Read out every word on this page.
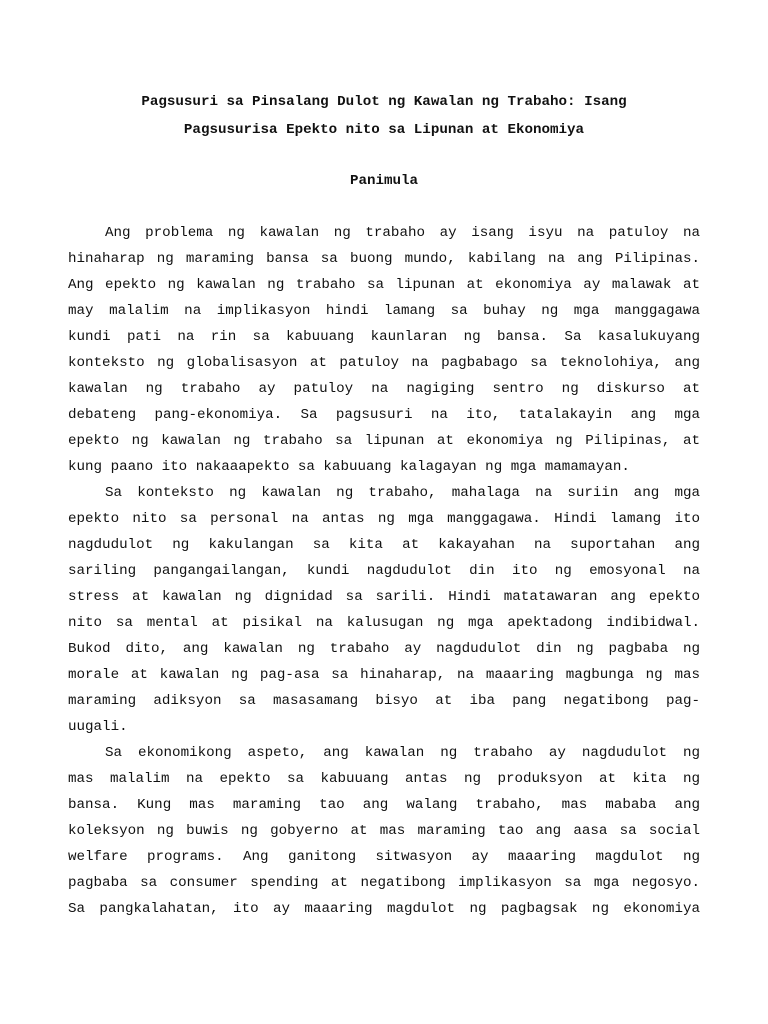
Pagsusuri sa Pinsalang Dulot ng Kawalan ng Trabaho: Isang
Pagsusurisa Epekto nito sa Lipunan at Ekonomiya
Panimula
Ang problema ng kawalan ng trabaho ay isang isyu na patuloy na
hinaharap ng maraming bansa sa buong mundo, kabilang na ang Pilipinas.
Ang epekto ng kawalan ng trabaho sa lipunan at ekonomiya ay malawak at
may malalim na implikasyon hindi lamang sa buhay ng mga manggagawa
kundi pati na rin sa kabuuang kaunlaran ng bansa. Sa kasalukuyang
konteksto ng globalisasyon at patuloy na pagbabago sa teknolohiya, ang
kawalan ng trabaho ay patuloy na nagiging sentro ng diskurso at
debateng pang-ekonomiya. Sa pagsusuri na ito, tatalakayin ang mga
epekto ng kawalan ng trabaho sa lipunan at ekonomiya ng Pilipinas, at
kung paano ito nakaaapekto sa kabuuang kalagayan ng mga mamamayan.
Sa konteksto ng kawalan ng trabaho, mahalaga na suriin ang mga
epekto nito sa personal na antas ng mga manggagawa. Hindi lamang ito
nagdudulot ng kakulangan sa kita at kakayahan na suportahan ang
sariling pangangailangan, kundi nagdudulot din ito ng emosyonal na
stress at kawalan ng dignidad sa sarili. Hindi matatawaran ang epekto
nito sa mental at pisikal na kalusugan ng mga apektadong indibidwal.
Bukod dito, ang kawalan ng trabaho ay nagdudulot din ng pagbaba ng
morale at kawalan ng pag-asa sa hinaharap, na maaaring magbunga ng mas
maraming adiksyon sa masasamang bisyo at iba pang negatibong pag-
uugali.
Sa ekonomikong aspeto, ang kawalan ng trabaho ay nagdudulot ng
mas malalim na epekto sa kabuuang antas ng produksyon at kita ng
bansa. Kung mas maraming tao ang walang trabaho, mas mababa ang
koleksyon ng buwis ng gobyerno at mas maraming tao ang aasa sa social
welfare programs. Ang ganitong sitwasyon ay maaaring magdulot ng
pagbaba sa consumer spending at negatibong implikasyon sa mga negosyo.
Sa pangkalahatan, ito ay maaaring magdulot ng pagbagsak ng ekonomiya
